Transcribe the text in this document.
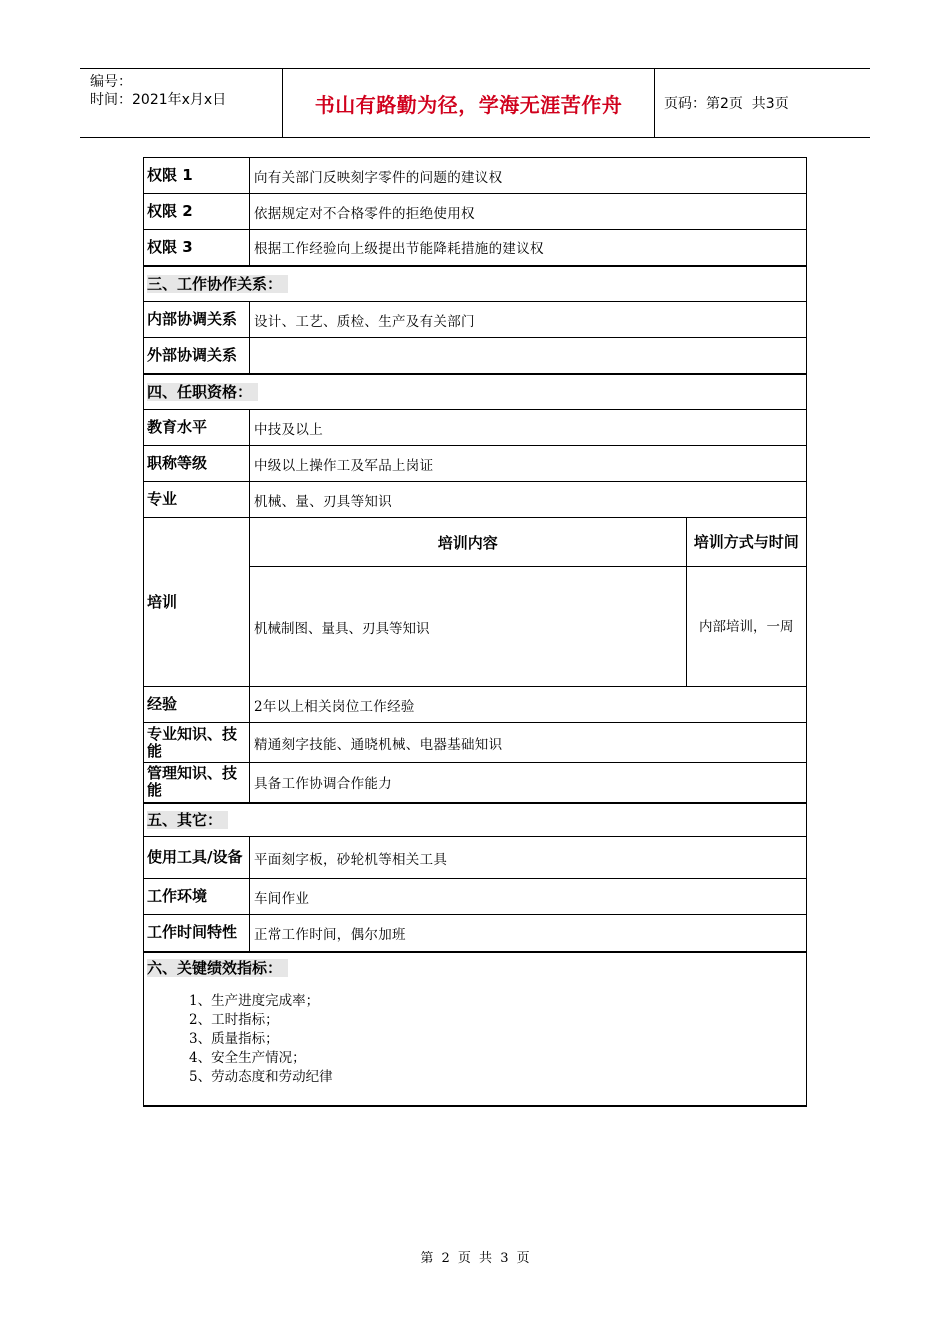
编号：
时间：2021年x月x日	书山有路勤为径，学海无涯苦作舟	页码：第2页  共3页
权限 1	向有关部门反映刻字零件的问题的建议权
权限 2	依据规定对不合格零件的拒绝使用权
权限 3	根据工作经验向上级提出节能降耗措施的建议权
三、工作协作关系：
内部协调关系	设计、工艺、质检、生产及有关部门
外部协调关系	
四、任职资格：
教育水平	中技及以上
职称等级	中级以上操作工及军品上岗证
专业	机械、量、刃具等知识
培训	
培训内容	培训方式与时间
机械制图、量具、刃具等知识	内部培训，一周

经验	2年以上相关岗位工作经验
专业知识、技能	精通刻字技能、通晓机械、电器基础知识
管理知识、技能	具备工作协调合作能力
五、其它：
使用工具/设备	平面刻字板，砂轮机等相关工具
工作环境	车间作业
工作时间特性	正常工作时间，偶尔加班

六、关键绩效指标：
1、生产进度完成率；
2、工时指标；
3、质量指标；
4、安全生产情况；
5、劳动态度和劳动纪律
第 2 页 共 3 页
